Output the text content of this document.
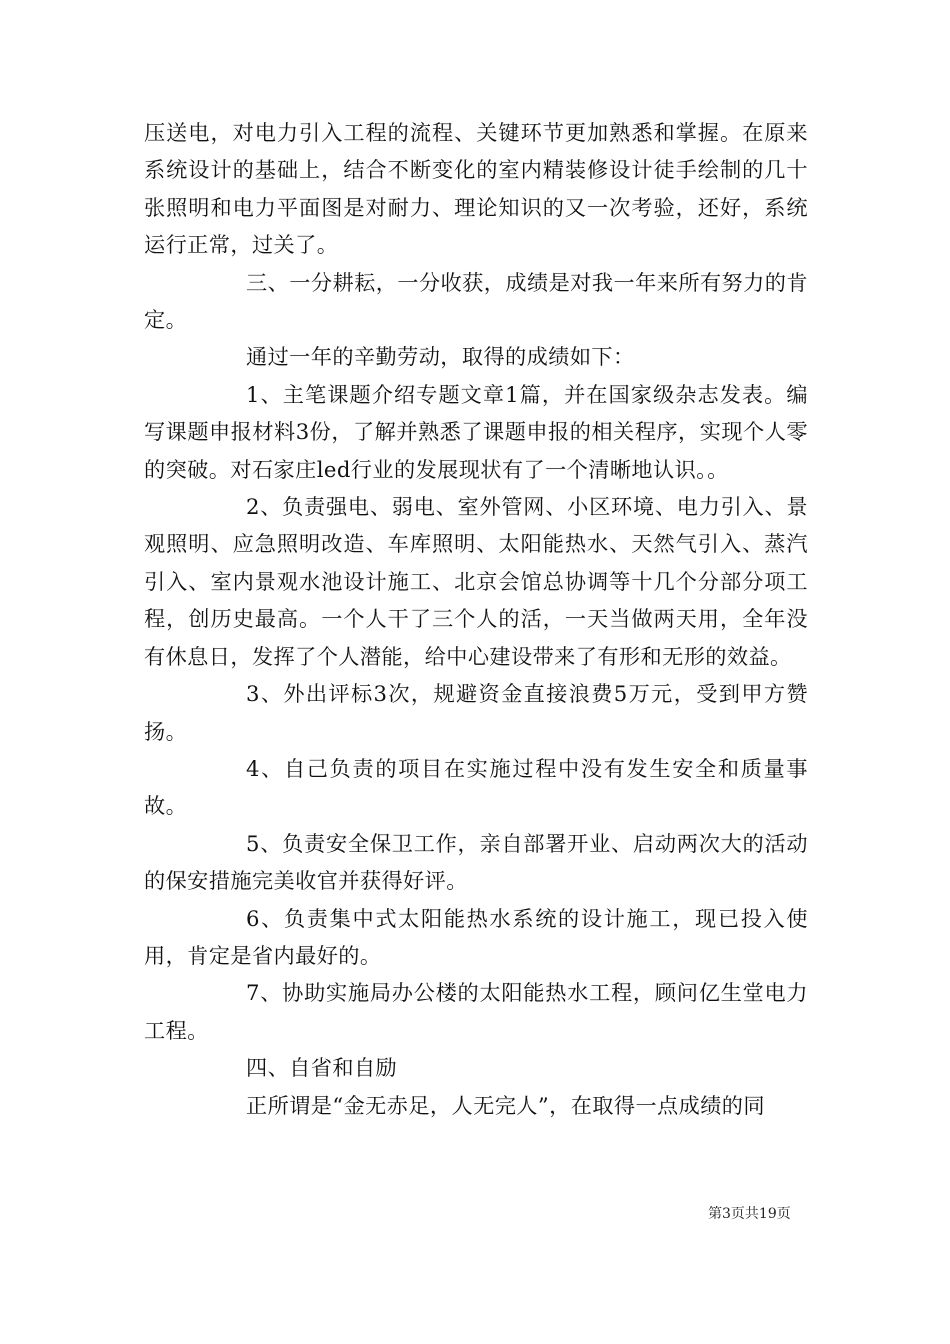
压送电，对电力引入工程的流程、关键环节更加熟悉和掌握。在原来系统设计的基础上，结合不断变化的室内精装修设计徒手绘制的几十张照明和电力平面图是对耐力、理论知识的又一次考验，还好，系统运行正常，过关了。

三、一分耕耘，一分收获，成绩是对我一年来所有努力的肯定。

通过一年的辛勤劳动，取得的成绩如下：

1、主笔课题介绍专题文章1篇，并在国家级杂志发表。编写课题申报材料3份，了解并熟悉了课题申报的相关程序，实现个人零的突破。对石家庄led行业的发展现状有了一个清晰地认识。。

2、负责强电、弱电、室外管网、小区环境、电力引入、景观照明、应急照明改造、车库照明、太阳能热水、天然气引入、蒸汽引入、室内景观水池设计施工、北京会馆总协调等十几个分部分项工程，创历史最高。一个人干了三个人的活，一天当做两天用，全年没有休息日，发挥了个人潜能，给中心建设带来了有形和无形的效益。

3、外出评标3次，规避资金直接浪费5万元，受到甲方赞扬。

4、自己负责的项目在实施过程中没有发生安全和质量事故。

5、负责安全保卫工作，亲自部署开业、启动两次大的活动的保安措施完美收官并获得好评。

6、负责集中式太阳能热水系统的设计施工，现已投入使用，肯定是省内最好的。

7、协助实施局办公楼的太阳能热水工程，顾问亿生堂电力工程。

四、自省和自励

正所谓是“金无赤足，人无完人”，在取得一点成绩的同

第3页共19页
